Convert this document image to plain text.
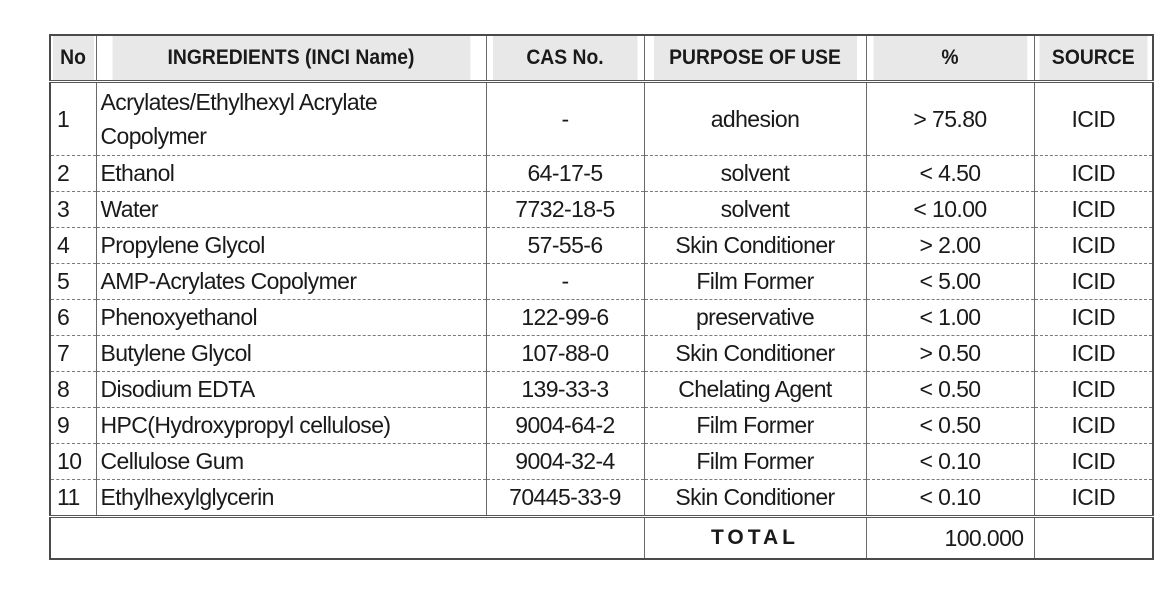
No	INGREDIENTS (INCI Name)	CAS No.	PURPOSE OF USE	%	SOURCE
1	Acrylates/Ethylhexyl Acrylate Copolymer	-	adhesion	> 75.80	ICID
2	Ethanol	64-17-5	solvent	< 4.50	ICID
3	Water	7732-18-5	solvent	< 10.00	ICID
4	Propylene Glycol	57-55-6	Skin Conditioner	> 2.00	ICID
5	AMP-Acrylates Copolymer	-	Film Former	< 5.00	ICID
6	Phenoxyethanol	122-99-6	preservative	< 1.00	ICID
7	Butylene Glycol	107-88-0	Skin Conditioner	> 0.50	ICID
8	Disodium EDTA	139-33-3	Chelating Agent	< 0.50	ICID
9	HPC(Hydroxypropyl cellulose)	9004-64-2	Film Former	< 0.50	ICID
10	Cellulose Gum	9004-32-4	Film Former	< 0.10	ICID
11	Ethylhexylglycerin	70445-33-9	Skin Conditioner	< 0.10	ICID
			TOTAL	100.000	
